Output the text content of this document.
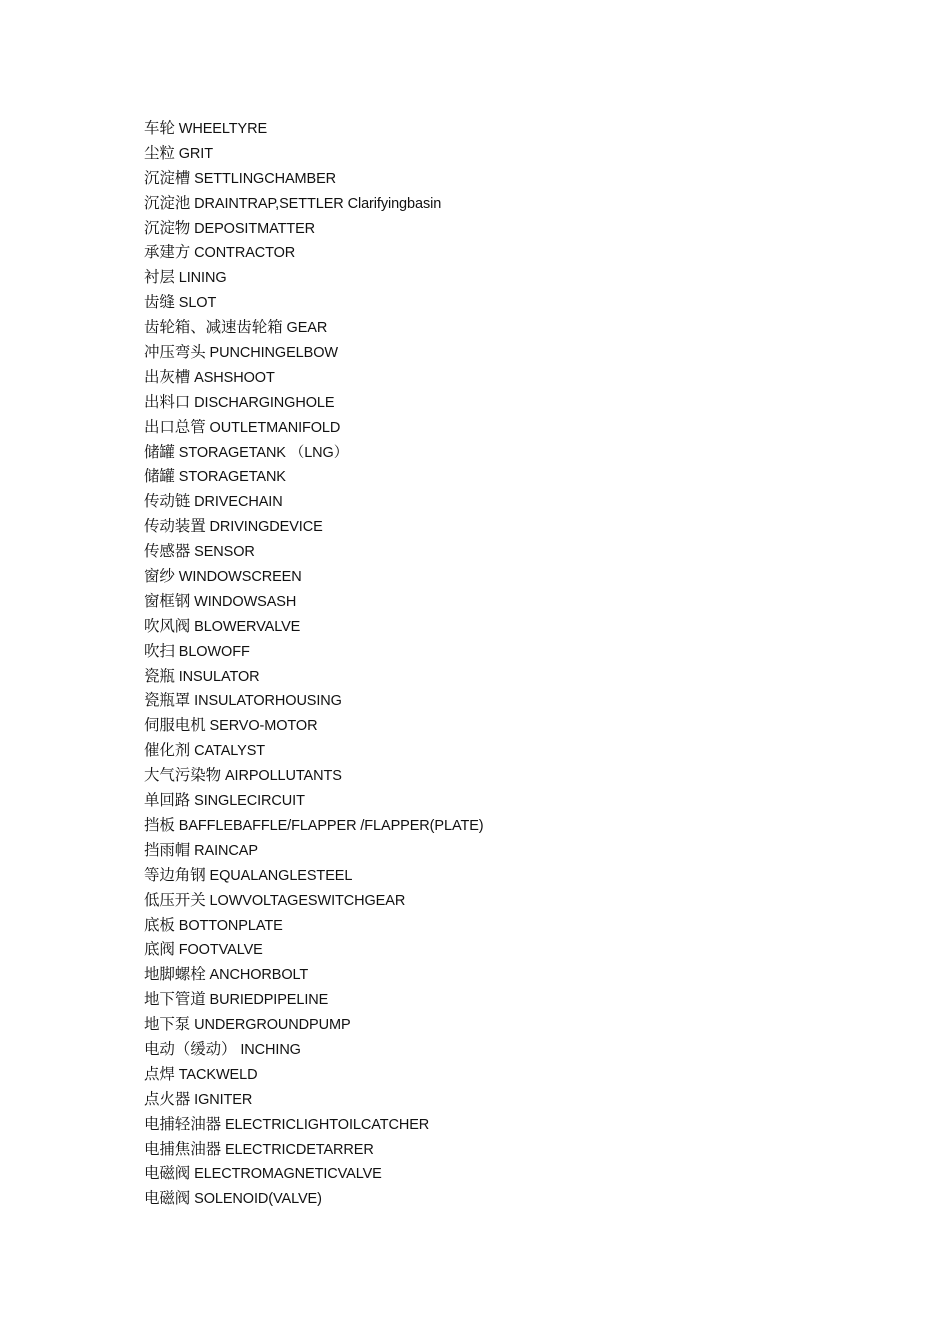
车轮 WHEELTYRE
尘粒 GRIT
沉淀槽 SETTLINGCHAMBER
沉淀池 DRAINTRAP,SETTLER Clarifyingbasin
沉淀物 DEPOSITMATTER
承建方 CONTRACTOR
衬层 LINING
齿缝 SLOT
齿轮箱、减速齿轮箱 GEAR
冲压弯头 PUNCHINGELBOW
出灰槽 ASHSHOOT
出料口 DISCHARGINGHOLE
出口总管 OUTLETMANIFOLD
储罐 STORAGETANK （LNG）
储罐 STORAGETANK
传动链 DRIVECHAIN
传动装置 DRIVINGDEVICE
传感器 SENSOR
窗纱 WINDOWSCREEN
窗框钢 WINDOWSASH
吹风阀 BLOWERVALVE
吹扫 BLOWOFF
瓷瓶 INSULATOR
瓷瓶罩 INSULATORHOUSING
伺服电机 SERVO-MOTOR
催化剂 CATALYST
大气污染物 AIRPOLLUTANTS
单回路 SINGLECIRCUIT
挡板 BAFFLEBAFFLE/FLAPPER /FLAPPER(PLATE)
挡雨帽 RAINCAP
等边角钢 EQUALANGLESTEEL
低压开关 LOWVOLTAGESWITCHGEAR
底板 BOTTONPLATE
底阀 FOOTVALVE
地脚螺栓 ANCHORBOLT
地下管道 BURIEDPIPELINE
地下泵 UNDERGROUNDPUMP
电动（缓动） INCHING
点焊 TACKWELD
点火器 IGNITER
电捕轻油器 ELECTRICLIGHTOILCATCHER
电捕焦油器 ELECTRICDETARRER
电磁阀 ELECTROMAGNETICVALVE
电磁阀 SOLENOID(VALVE)
